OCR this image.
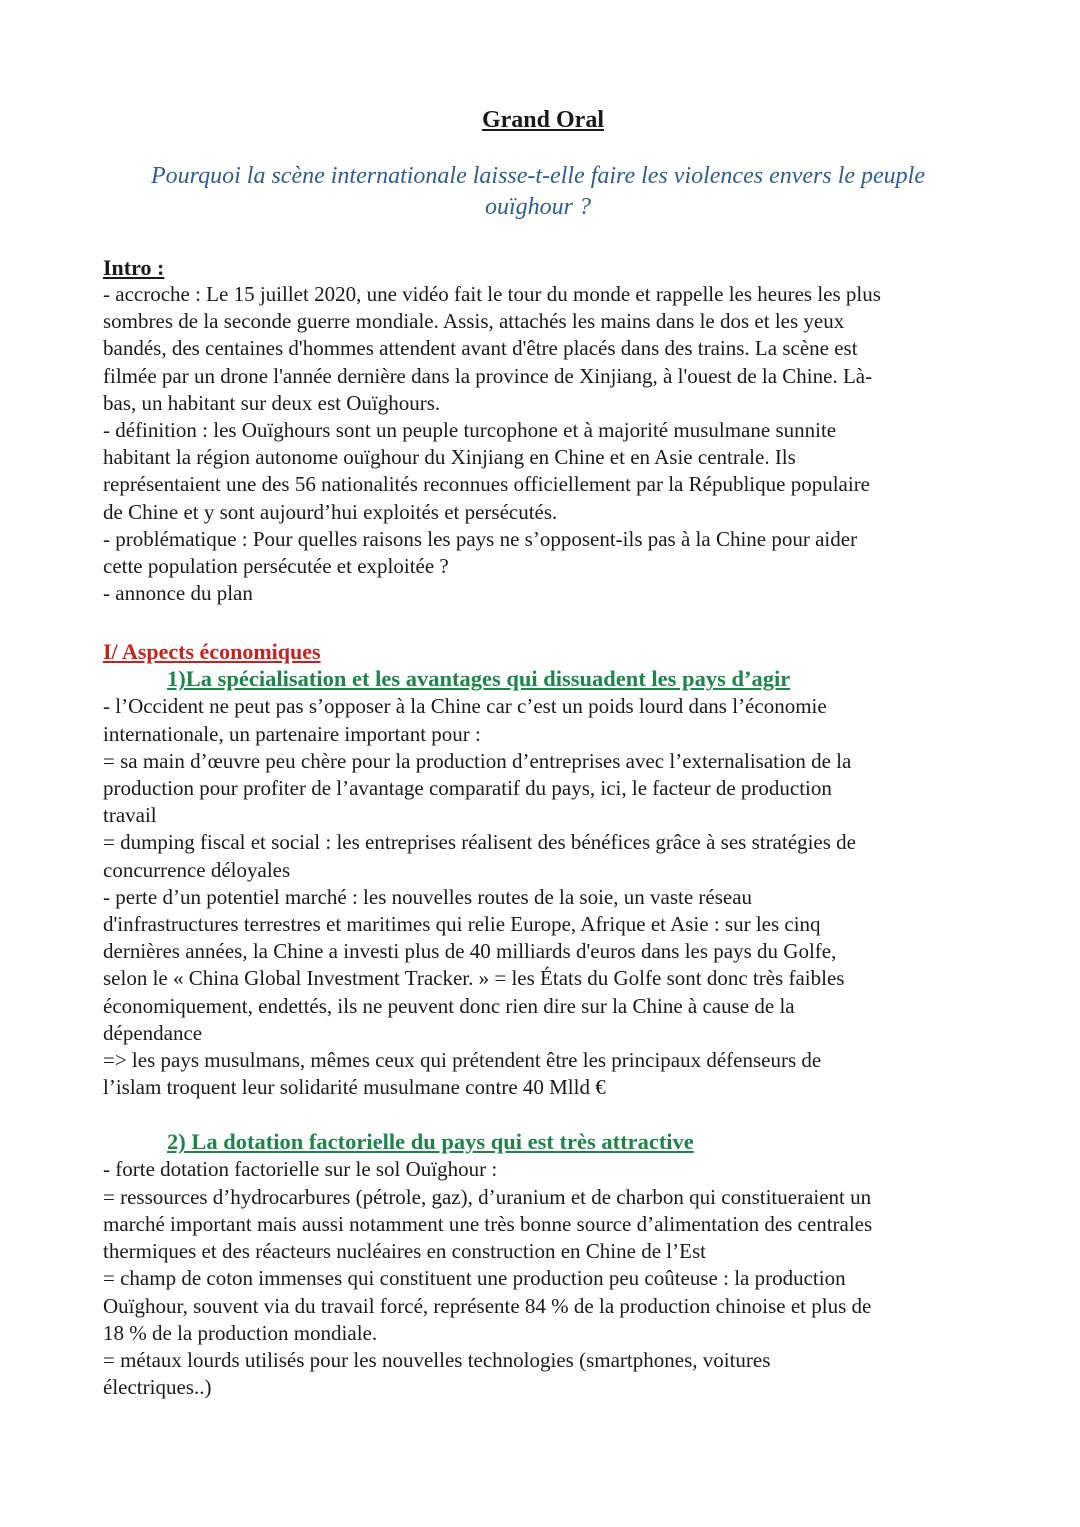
Grand Oral

Pourquoi la scène internationale laisse-t-elle faire les violences envers le peuple ouïghour ?

Intro :

- accroche : Le 15 juillet 2020, une vidéo fait le tour du monde et rappelle les heures les plus

sombres de la seconde guerre mondiale. Assis, attachés les mains dans le dos et les yeux

bandés, des centaines d'hommes attendent avant d'être placés dans des trains. La scène est

filmée par un drone l'année dernière dans la province de Xinjiang, à l'ouest de la Chine. Là-

bas, un habitant sur deux est Ouïghours.

- définition : les Ouïghours sont un peuple turcophone et à majorité musulmane sunnite

habitant la région autonome ouïghour du Xinjiang en Chine et en Asie centrale. Ils

représentaient une des 56 nationalités reconnues officiellement par la République populaire

de Chine et y sont aujourd’hui exploités et persécutés.

- problématique : Pour quelles raisons les pays ne s’opposent-ils pas à la Chine pour aider

cette population persécutée et exploitée ?

- annonce du plan

I/ Aspects économiques
1)La spécialisation et les avantages qui dissuadent les pays d’agir

- l’Occident ne peut pas s’opposer à la Chine car c’est un poids lourd dans l’économie

internationale, un partenaire important pour :

= sa main d’œuvre peu chère pour la production d’entreprises avec l’externalisation de la

production pour profiter de l’avantage comparatif du pays, ici, le facteur de production

travail

= dumping fiscal et social : les entreprises réalisent des bénéfices grâce à ses stratégies de

concurrence déloyales

- perte d’un potentiel marché : les nouvelles routes de la soie, un vaste réseau

d'infrastructures terrestres et maritimes qui relie Europe, Afrique et Asie : sur les cinq

dernières années, la Chine a investi plus de 40 milliards d'euros dans les pays du Golfe,

selon le « China Global Investment Tracker. » = les États du Golfe sont donc très faibles

économiquement, endettés, ils ne peuvent donc rien dire sur la Chine à cause de la

dépendance

=> les pays musulmans, mêmes ceux qui prétendent être les principaux défenseurs de

l’islam troquent leur solidarité musulmane contre 40 Mlld €

2) La dotation factorielle du pays qui est très attractive

- forte dotation factorielle sur le sol Ouïghour :

= ressources d’hydrocarbures (pétrole, gaz), d’uranium et de charbon qui constitueraient un

marché important mais aussi notamment une très bonne source d’alimentation des centrales

thermiques et des réacteurs nucléaires en construction en Chine de l’Est

= champ de coton immenses qui constituent une production peu coûteuse : la production

Ouïghour, souvent via du travail forcé, représente 84 % de la production chinoise et plus de

18 % de la production mondiale.

= métaux lourds utilisés pour les nouvelles technologies (smartphones, voitures

électriques..)
